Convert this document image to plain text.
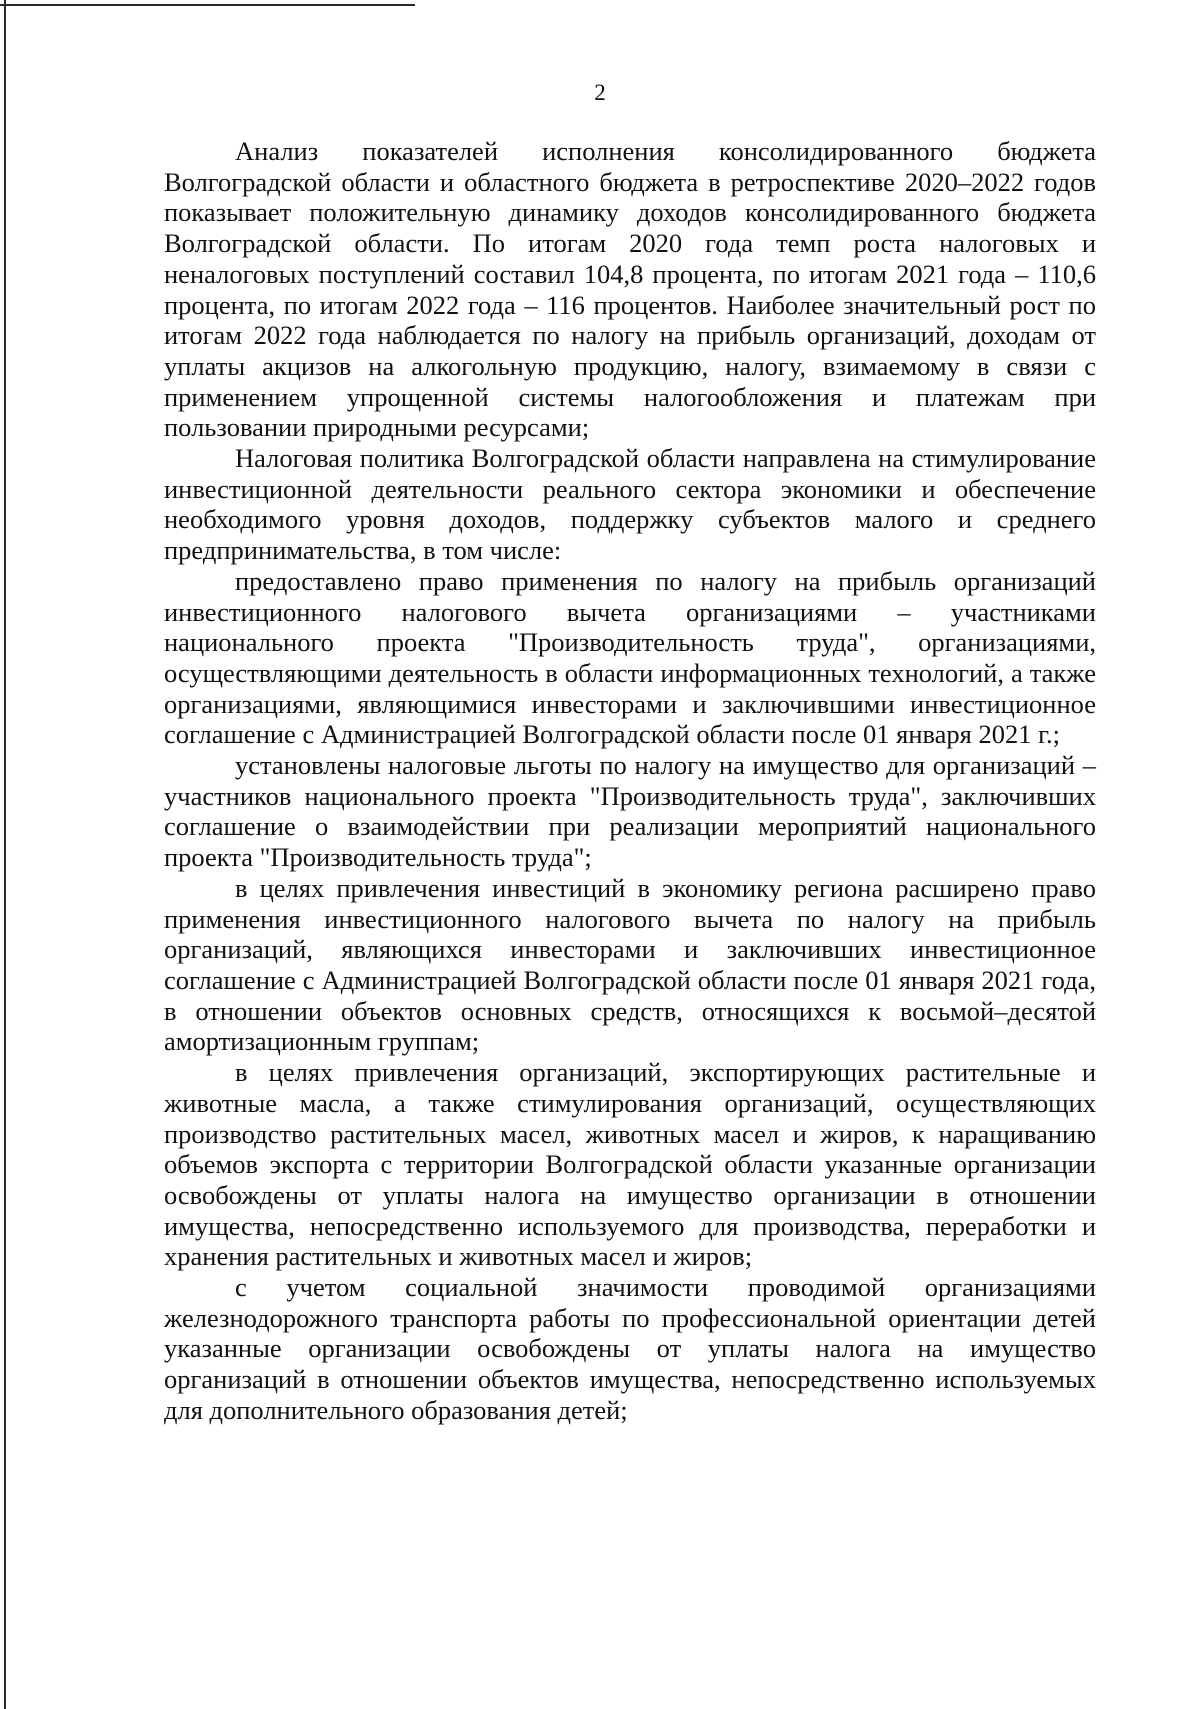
2

Анализ показателей исполнения консолидированного бюджета Волгоградской области и областного бюджета в ретроспективе 2020–2022 годов показывает положительную динамику доходов консолидированного бюджета Волгоградской области. По итогам 2020 года темп роста налоговых и неналоговых поступлений составил 104,8 процента, по итогам 2021 года – 110,6 процента, по итогам 2022 года – 116 процентов. Наиболее значительный рост по итогам 2022 года наблюдается по налогу на прибыль организаций, доходам от уплаты акцизов на алкогольную продукцию, налогу, взимаемому в связи с применением упрощенной системы налогообложения и платежам при пользовании природными ресурсами;

Налоговая политика Волгоградской области направлена на стимулирование инвестиционной деятельности реального сектора экономики и обеспечение необходимого уровня доходов, поддержку субъектов малого и среднего предпринимательства, в том числе:

предоставлено право применения по налогу на прибыль организаций инвестиционного налогового вычета организациями – участниками национального проекта "Производительность труда", организациями, осуществляющими деятельность в области информационных технологий, а также организациями, являющимися инвесторами и заключившими инвестиционное соглашение с Администрацией Волгоградской области после 01 января 2021 г.;

установлены налоговые льготы по налогу на имущество для организаций – участников национального проекта "Производительность труда", заключивших соглашение о взаимодействии при реализации мероприятий национального проекта "Производительность труда";

в целях привлечения инвестиций в экономику региона расширено право применения инвестиционного налогового вычета по налогу на прибыль организаций, являющихся инвесторами и заключивших инвестиционное соглашение с Администрацией Волгоградской области после 01 января 2021 года, в отношении объектов основных средств, относящихся к восьмой–десятой амортизационным группам;

в целях привлечения организаций, экспортирующих растительные и животные масла, а также стимулирования организаций, осуществляющих производство растительных масел, животных масел и жиров, к наращиванию объемов экспорта с территории Волгоградской области указанные организации освобождены от уплаты налога на имущество организации в отношении имущества, непосредственно используемого для производства, переработки и хранения растительных и животных масел и жиров;

с учетом социальной значимости проводимой организациями железнодорожного транспорта работы по профессиональной ориентации детей указанные организации освобождены от уплаты налога на имущество организаций в отношении объектов имущества, непосредственно используемых для дополнительного образования детей;
